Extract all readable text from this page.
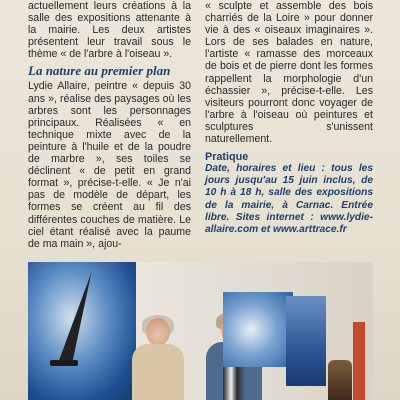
actuellement leurs créations à la salle des expositions attenante à la mairie. Les deux artistes présentent leur travail sous le thème « de l'arbre à l'oiseau ».

La nature au premier plan

Lydie Allaire, peintre « depuis 30 ans », réalise des paysages où les arbres sont les personnages principaux. Réalisées « en technique mixte avec de la peinture à l'huile et de la poudre de marbre », ses toiles se déclinent « de petit en grand format », précise-t-elle. « Je n'ai pas de modèle de départ, les formes se créent au fil des différentes couches de matière. Le ciel étant réalisé avec la paume de ma main », ajou-

« sculpte et assemble des bois charriés de la Loire » pour donner vie à des « oiseaux imaginaires ». Lors de ses balades en nature, l'artiste « ramasse des morceaux de bois et de pierre dont les formes rappellent la morphologie d'un échassier », précise-t-elle. Les visiteurs pourront donc voyager de l'arbre à l'oiseau où peintures et sculptures s'unissent naturellement.

Pratique

Date, horaires et lieu : tous les jours jusqu'au 15 juin inclus, de 10 h à 18 h, salle des expositions de la mairie, à Carnac. Entrée libre. Sites internet : www.lydie-allaire.com et www.arttrace.fr
